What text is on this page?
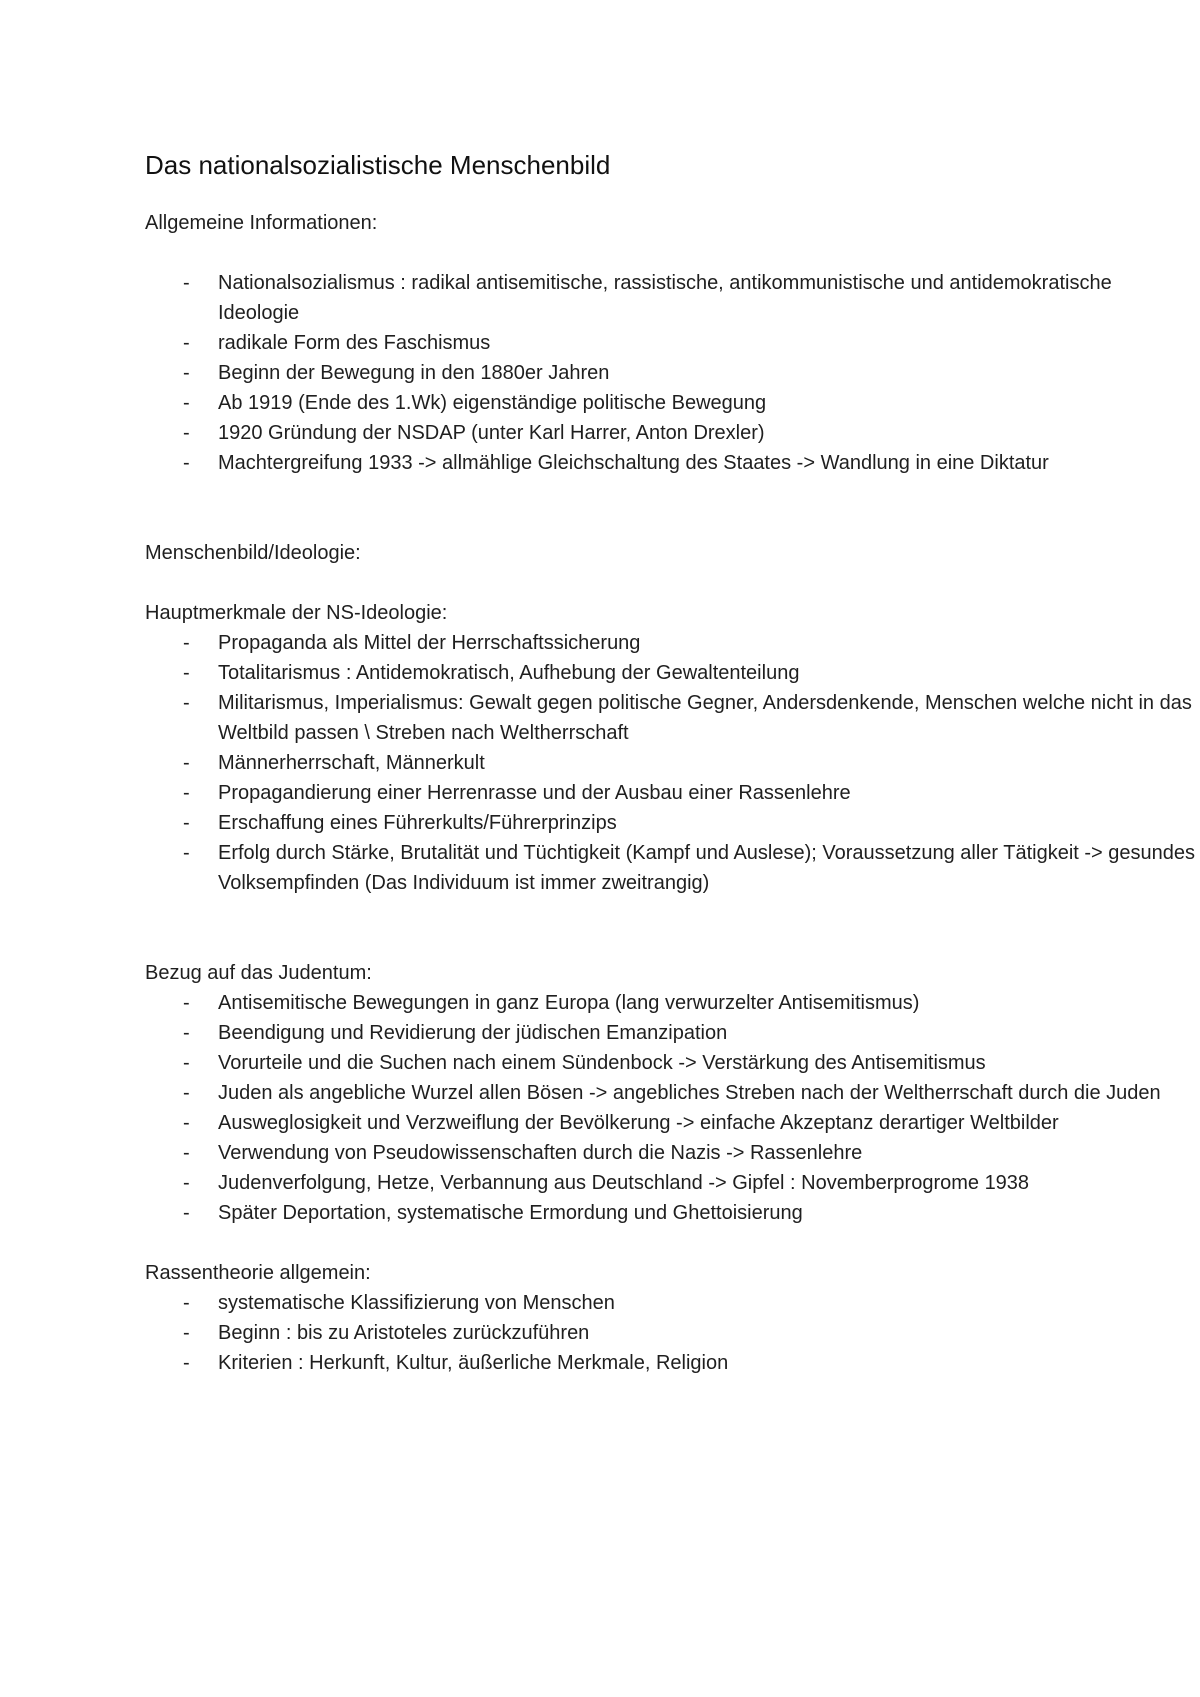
Das nationalsozialistische Menschenbild

Allgemeine Informationen:

- Nationalsozialismus : radikal antisemitische, rassistische, antikommunistische und antidemokratische Ideologie
- radikale Form des Faschismus
- Beginn der Bewegung in den 1880er Jahren
- Ab 1919 (Ende des 1.Wk) eigenständige politische Bewegung
- 1920 Gründung der NSDAP (unter Karl Harrer, Anton Drexler)
- Machtergreifung 1933 -> allmählige Gleichschaltung des Staates -> Wandlung in eine Diktatur

Menschenbild/Ideologie:

Hauptmerkmale der NS-Ideologie:

- Propaganda als Mittel der Herrschaftssicherung
- Totalitarismus : Antidemokratisch, Aufhebung der Gewaltenteilung
- Militarismus, Imperialismus: Gewalt gegen politische Gegner, Andersdenkende, Menschen welche nicht in das Weltbild passen \ Streben nach Weltherrschaft
- Männerherrschaft, Männerkult
- Propagandierung einer Herrenrasse und der Ausbau einer Rassenlehre
- Erschaffung eines Führerkults/Führerprinzips
- Erfolg durch Stärke, Brutalität und Tüchtigkeit (Kampf und Auslese); Voraussetzung aller Tätigkeit -> gesundes Volksempfinden (Das Individuum ist immer zweitrangig)

Bezug auf das Judentum:

- Antisemitische Bewegungen in ganz Europa (lang verwurzelter Antisemitismus)
- Beendigung und Revidierung der jüdischen Emanzipation
- Vorurteile und die Suchen nach einem Sündenbock -> Verstärkung des Antisemitismus
- Juden als angebliche Wurzel allen Bösen -> angebliches Streben nach der Weltherrschaft durch die Juden
- Ausweglosigkeit und Verzweiflung der Bevölkerung -> einfache Akzeptanz derartiger Weltbilder
- Verwendung von Pseudowissenschaften durch die Nazis -> Rassenlehre
- Judenverfolgung, Hetze, Verbannung aus Deutschland -> Gipfel : Novemberprogrome 1938
- Später Deportation, systematische Ermordung und Ghettoisierung

Rassentheorie allgemein:

- systematische Klassifizierung von Menschen
- Beginn : bis zu Aristoteles zurückzuführen
- Kriterien : Herkunft, Kultur, äußerliche Merkmale, Religion
